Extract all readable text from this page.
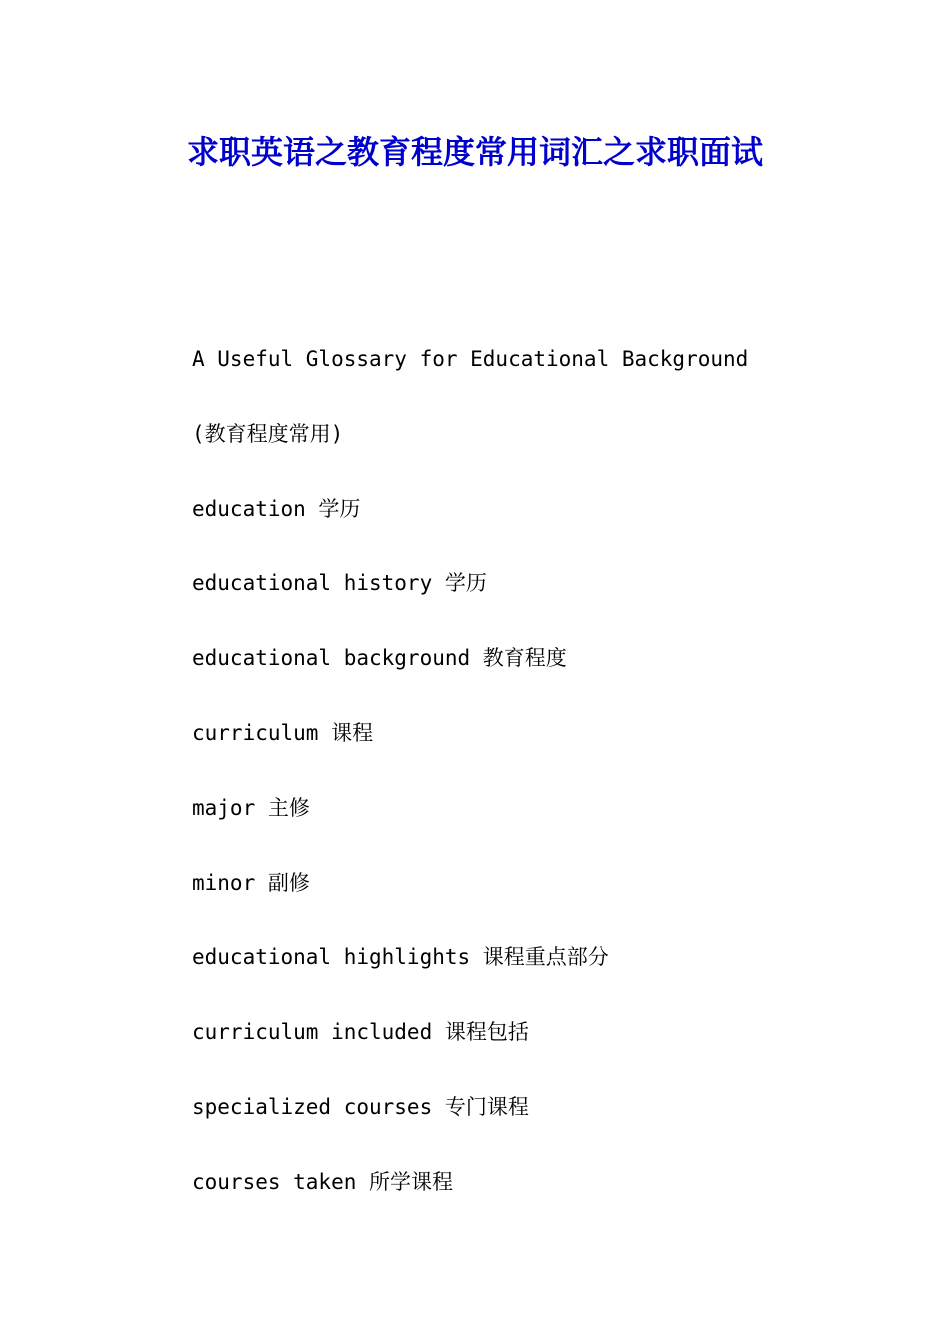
求职英语之教育程度常用词汇之求职面试
A Useful Glossary for Educational Background
(教育程度常用)
education 学历
educational history 学历
educational background 教育程度
curriculum 课程
major 主修
minor 副修
educational highlights 课程重点部分
curriculum included 课程包括
specialized courses 专门课程
courses taken 所学课程
